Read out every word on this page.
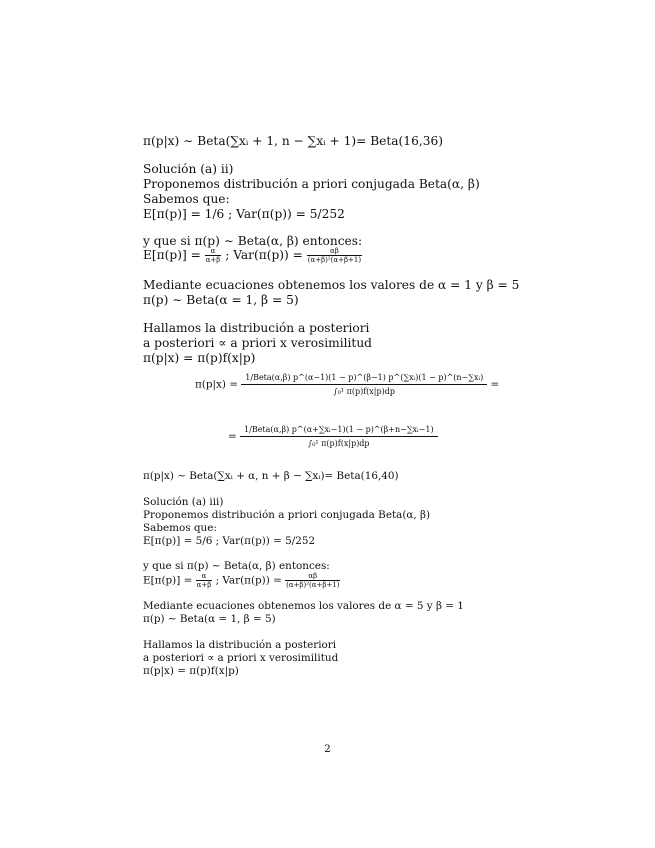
π(p|x) ∼ Beta(∑xᵢ + 1, n − ∑xᵢ + 1)= Beta(16,36)
Solución (a) ii)
Proponemos distribución a priori conjugada Beta(α, β)
Sabemos que:
E[π(p)] = 1/6 ; Var(π(p)) = 5/252
y que si π(p) ∼ Beta(α, β) entonces:
$E[\pi(p)] = \frac{\alpha}{\alpha+\beta}$ ; $Var(\pi(p)) = \frac{\alpha\beta}{\text{(α+β)²(α+β+1)}}$
Mediante ecuaciones obtenemos los valores de α = 1 y β = 5
π(p) ∼ Beta(α = 1, β = 5)
Hallamos la distribución a posteriori
a posteriori ∝ a priori x verosimilitud
π(p|x) = π(p)f(x|p)
π(p|x) =
1/Beta(α,β) p^(α−1)(1 − p)^(β−1) p^(∑xᵢ)(1 − p)^(n−∑xᵢ)
∫₀¹ π(p)f(x|p)dp
=
=
1/Beta(α,β) p^(α+∑xᵢ−1)(1 − p)^(β+n−∑xᵢ−1)
∫₀¹ π(p)f(x|p)dp
π(p|x) ∼ Beta(∑xᵢ + α, n + β − ∑xᵢ)= Beta(16,40)
Solución (a) iii)
Proponemos distribución a priori conjugada Beta(α, β)
Sabemos que:
E[π(p)] = 5/6 ; Var(π(p)) = 5/252
y que si π(p) ∼ Beta(α, β) entonces:
$E[\pi(p)] = \frac{\alpha}{\alpha+\beta}$ ; $Var(\pi(p)) = \frac{\alpha\beta}{\text{(α+β)²(α+β+1)}}$
Mediante ecuaciones obtenemos los valores de α = 5 y β = 1
π(p) ∼ Beta(α = 1, β = 5)
Hallamos la distribución a posteriori
a posteriori ∝ a priori x verosimilitud
π(p|x) = π(p)f(x|p)
2
